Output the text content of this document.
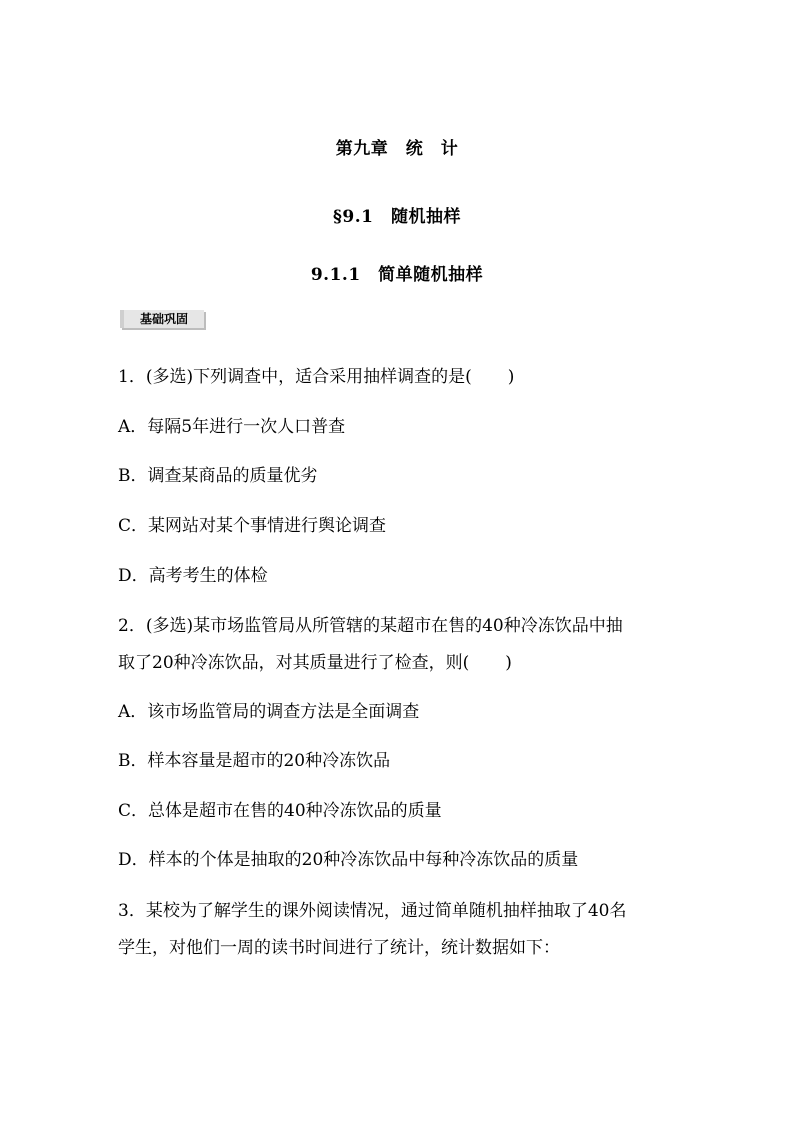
第九章　统　计
§9.1　随机抽样
9.1.1　简单随机抽样
基础巩固
1．(多选)下列调查中，适合采用抽样调查的是( )
A．每隔5年进行一次人口普查
B．调查某商品的质量优劣
C．某网站对某个事情进行舆论调查
D．高考考生的体检
2．(多选)某市场监管局从所管辖的某超市在售的40种冷冻饮品中抽
取了20种冷冻饮品，对其质量进行了检查，则( )
A．该市场监管局的调查方法是全面调查
B．样本容量是超市的20种冷冻饮品
C．总体是超市在售的40种冷冻饮品的质量
D．样本的个体是抽取的20种冷冻饮品中每种冷冻饮品的质量
3．某校为了解学生的课外阅读情况，通过简单随机抽样抽取了40名
学生，对他们一周的读书时间进行了统计，统计数据如下：
